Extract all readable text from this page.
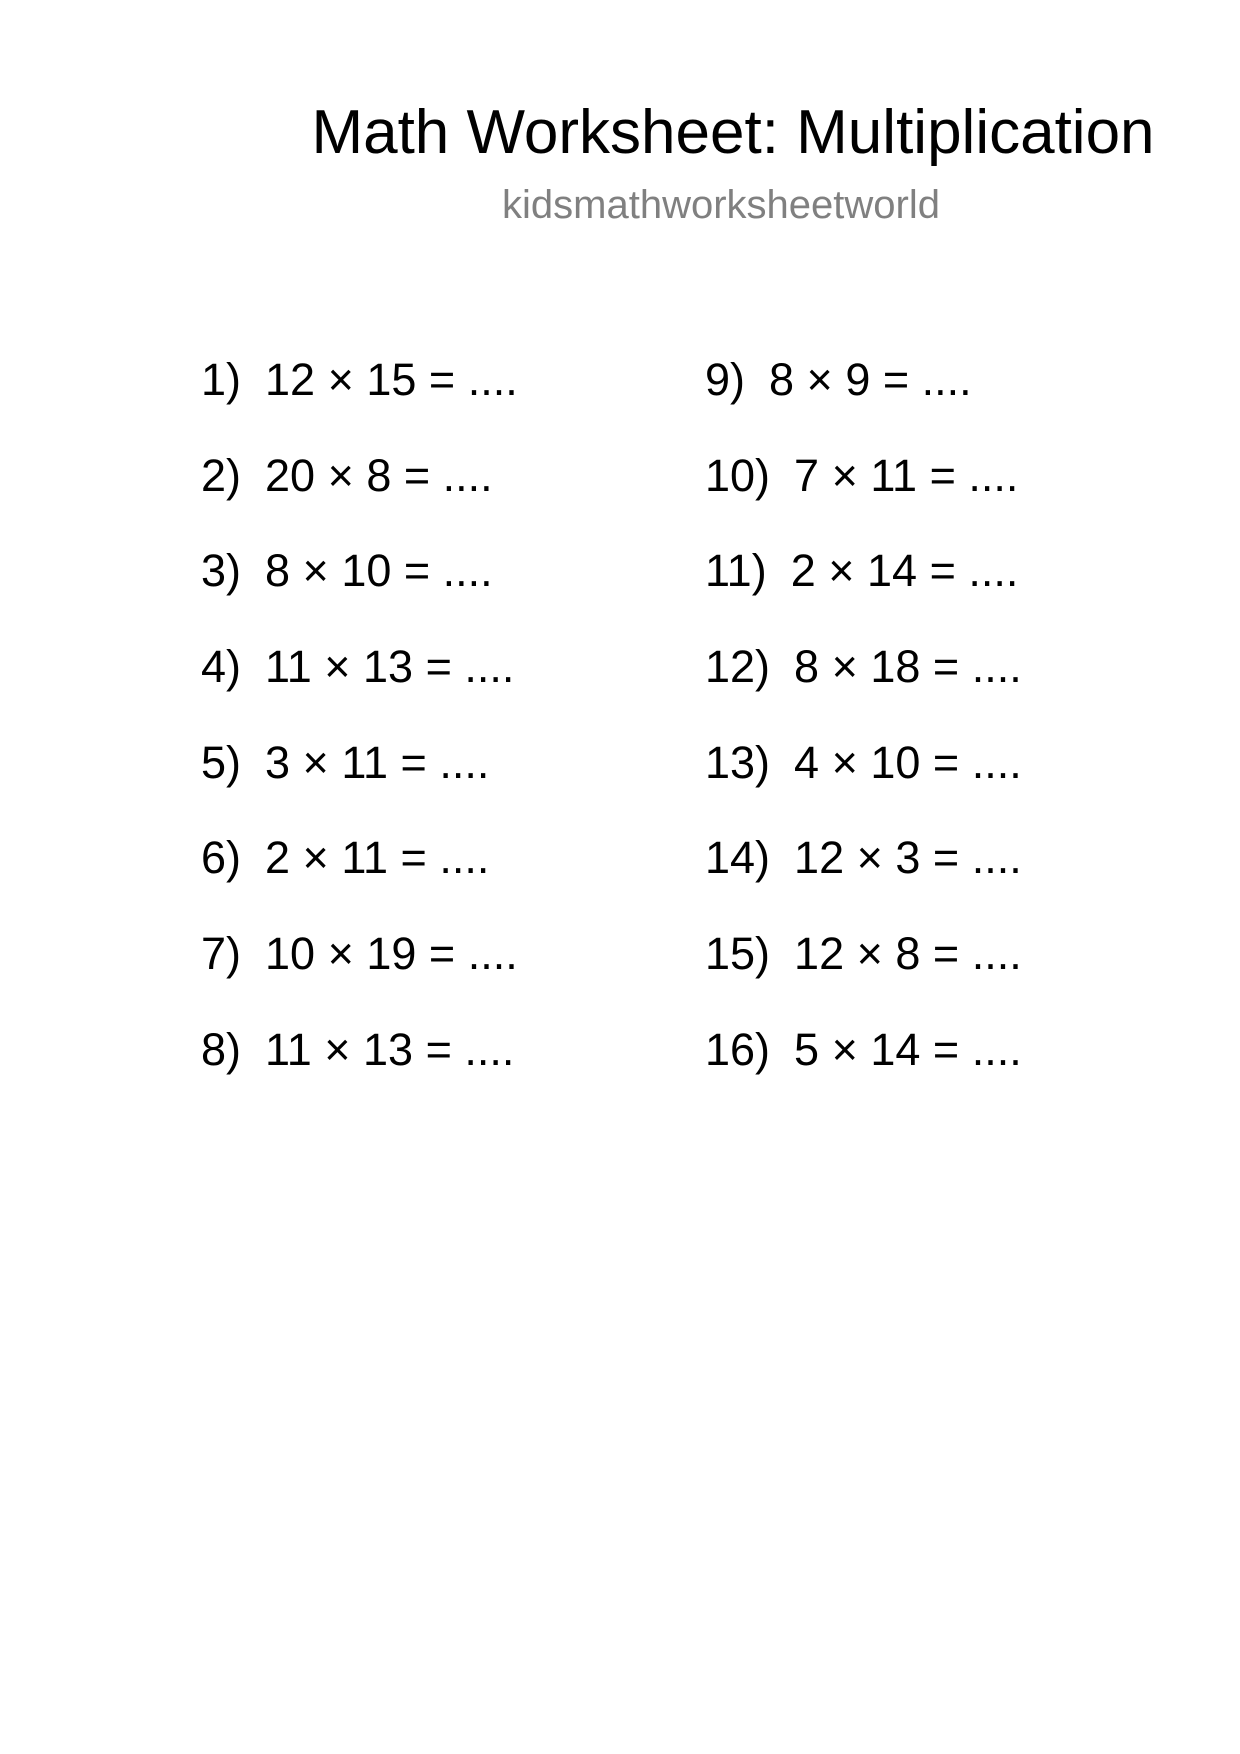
Math Worksheet: Multiplication
kidsmathworksheetworld
1) 12 × 15 = ....
2) 20 × 8 = ....
3) 8 × 10 = ....
4) 11 × 13 = ....
5) 3 × 11 = ....
6) 2 × 11 = ....
7) 10 × 19 = ....
8) 11 × 13 = ....
9) 8 × 9 = ....
10) 7 × 11 = ....
11) 2 × 14 = ....
12) 8 × 18 = ....
13) 4 × 10 = ....
14) 12 × 3 = ....
15) 12 × 8 = ....
16) 5 × 14 = ....
